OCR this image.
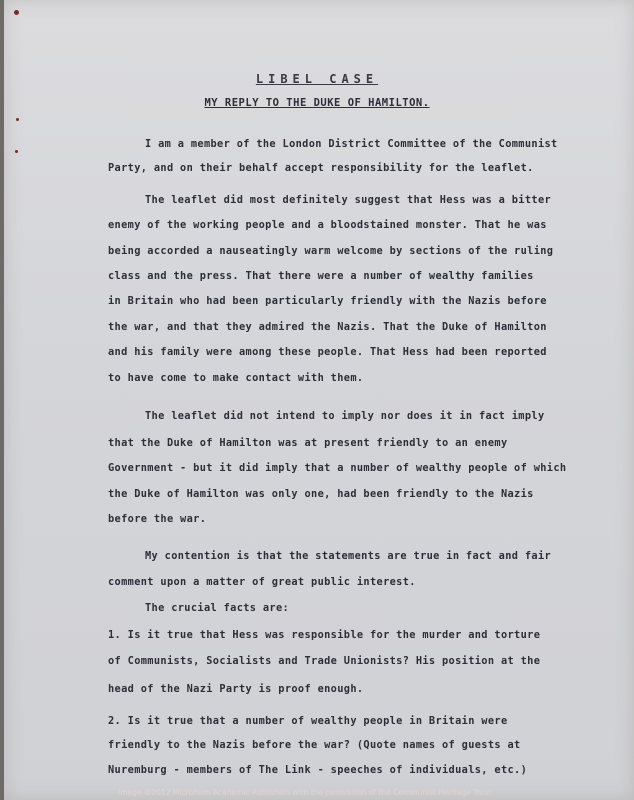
LIBEL CASE
MY REPLY TO THE DUKE OF HAMILTON.
I am a member of the London District Committee of the Communist
Party, and on their behalf accept responsibility for the leaflet.
The leaflet did most definitely suggest that Hess was a bitter
enemy of the working people and a bloodstained monster. That he was
being accorded a nauseatingly warm welcome by sections of the ruling
class and the press. That there were a number of wealthy families
in Britain who had been particularly friendly with the Nazis before
the war, and that they admired the Nazis. That the Duke of Hamilton
and his family were among these people. That Hess had been reported
to have come to make contact with them.
The leaflet did not intend to imply nor does it in fact imply
that the Duke of Hamilton was at present friendly to an enemy
Government - but it did imply that a number of wealthy people of which
the Duke of Hamilton was only one, had been friendly to the Nazis
before the war.
My contention is that the statements are true in fact and fair
comment upon a matter of great public interest.
The crucial facts are:
1. Is it true that Hess was responsible for the murder and torture
of Communists, Socialists and Trade Unionists? His position at the
head of the Nazi Party is proof enough.
2. Is it true that a number of wealthy people in Britain were
friendly to the Nazis before the war? (Quote names of guests at
Nuremburg - members of The Link - speeches of individuals, etc.)
Image ©2012 Microform Academic Publishers with the permission of the Communist Heritage Trust
